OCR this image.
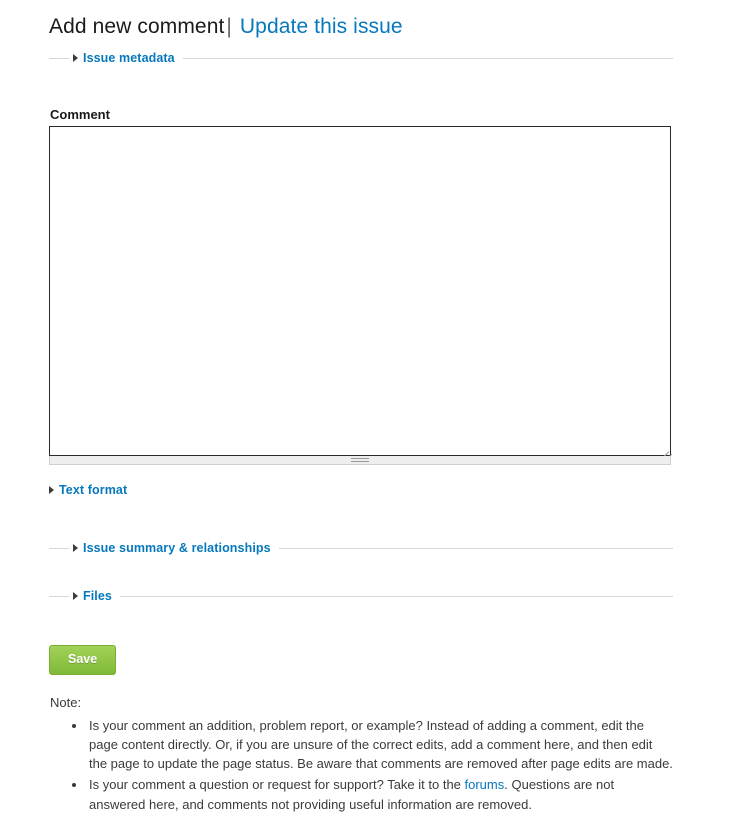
Add new comment| Update this issue
Issue metadata
Comment
Text format
Issue summary & relationships
Files
Save
Note:
• Is your comment an addition, problem report, or example? Instead of adding a comment, edit the page content directly. Or, if you are unsure of the correct edits, add a comment here, and then edit the page to update the page status. Be aware that comments are removed after page edits are made.
• Is your comment a question or request for support? Take it to the forums. Questions are not answered here, and comments not providing useful information are removed.
